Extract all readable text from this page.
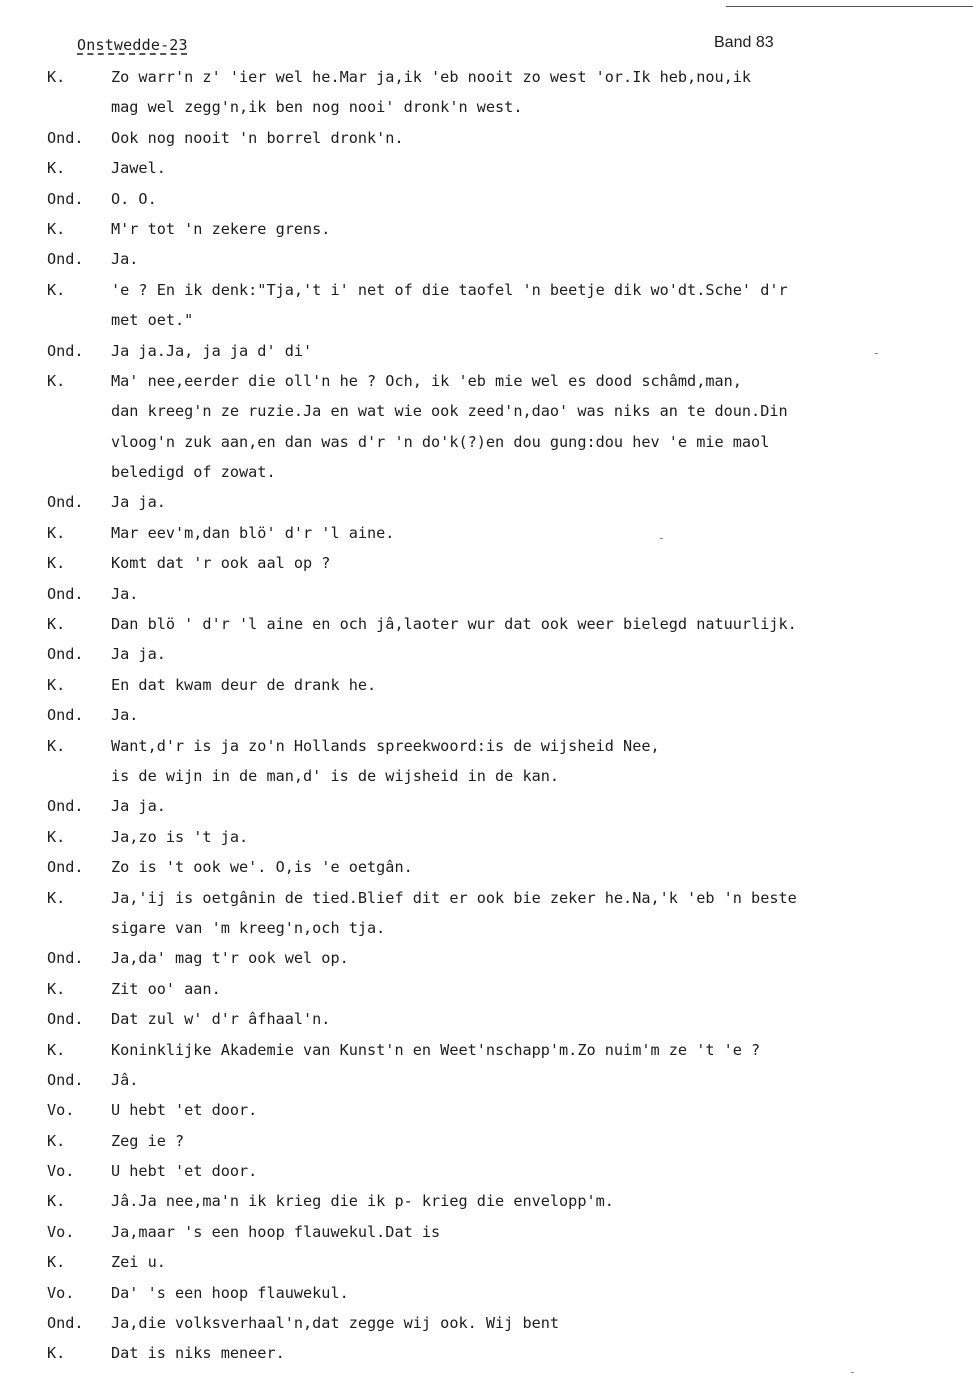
Onstwedde-23	Band 83
K.	Zo warr'n z' 'ier wel he.Mar ja,ik 'eb nooit zo west 'or.Ik heb,nou,ik
mag wel zegg'n,ik ben nog nooi' dronk'n west.
Ond. Ook nog nooit 'n borrel dronk'n.
K.	Jawel.
Ond. O. O.
K.	M'r tot 'n zekere grens.
Ond. Ja.
K.	'e ? En ik denk:"Tja,'t i' net of die taofel 'n beetje dik wo'dt.Sche' d'r
met oet."
Ond. Ja ja.Ja, ja ja d' di'
K.	Ma' nee,eerder die oll'n he ? Och, ik 'eb mie wel es dood schâmd,man,
dan kreeg'n ze ruzie.Ja en wat wie ook zeed'n,dao' was niks an te doun.Din
vloog'n zuk aan,en dan was d'r 'n do'k(?)en dou gung:dou hev 'e mie maol
beledigd of zowat.
Ond. Ja ja.
K.	Mar eev'm,dan blö' d'r 'l aine.
K.	Komt dat 'r ook aal op ?
Ond. Ja.
K.	Dan blö ' d'r 'l aine en och jâ,laoter wur dat ook weer bielegd natuurlijk.
Ond. Ja ja.
K.	En dat kwam deur de drank he.
Ond. Ja.
K.	Want,d'r is ja zo'n Hollands spreekwoord:is de wijsheid Nee,
is de wijn in de man,d' is de wijsheid in de kan.
Ond. Ja ja.
K.	Ja,zo is 't ja.
Ond. Zo is 't ook we'. O,is 'e oetgân.
K.	Ja,'ij is oetgânin de tied.Blief dit er ook bie zeker he.Na,'k 'eb 'n beste
sigare van 'm kreeg'n,och tja.
Ond. Ja,da' mag t'r ook wel op.
K.	Zit oo' aan.
Ond. Dat zul w' d'r âfhaal'n.
K.	Koninklijke Akademie van Kunst'n en Weet'nschapp'm.Zo nuim'm ze 't 'e ?
Ond. Jâ.
Vo. U hebt 'et door.
K.	Zeg ie ?
Vo. U hebt 'et door.
K.	Jâ.Ja nee,ma'n ik krieg die ik p- krieg die envelopp'm.
Vo. Ja,maar 's een hoop flauwekul.Dat is
K.	Zei u.
Vo. Da' 's een hoop flauwekul.
Ond. Ja,die volksverhaal'n,dat zegge wij ook. Wij bent
K.	Dat is niks meneer.
